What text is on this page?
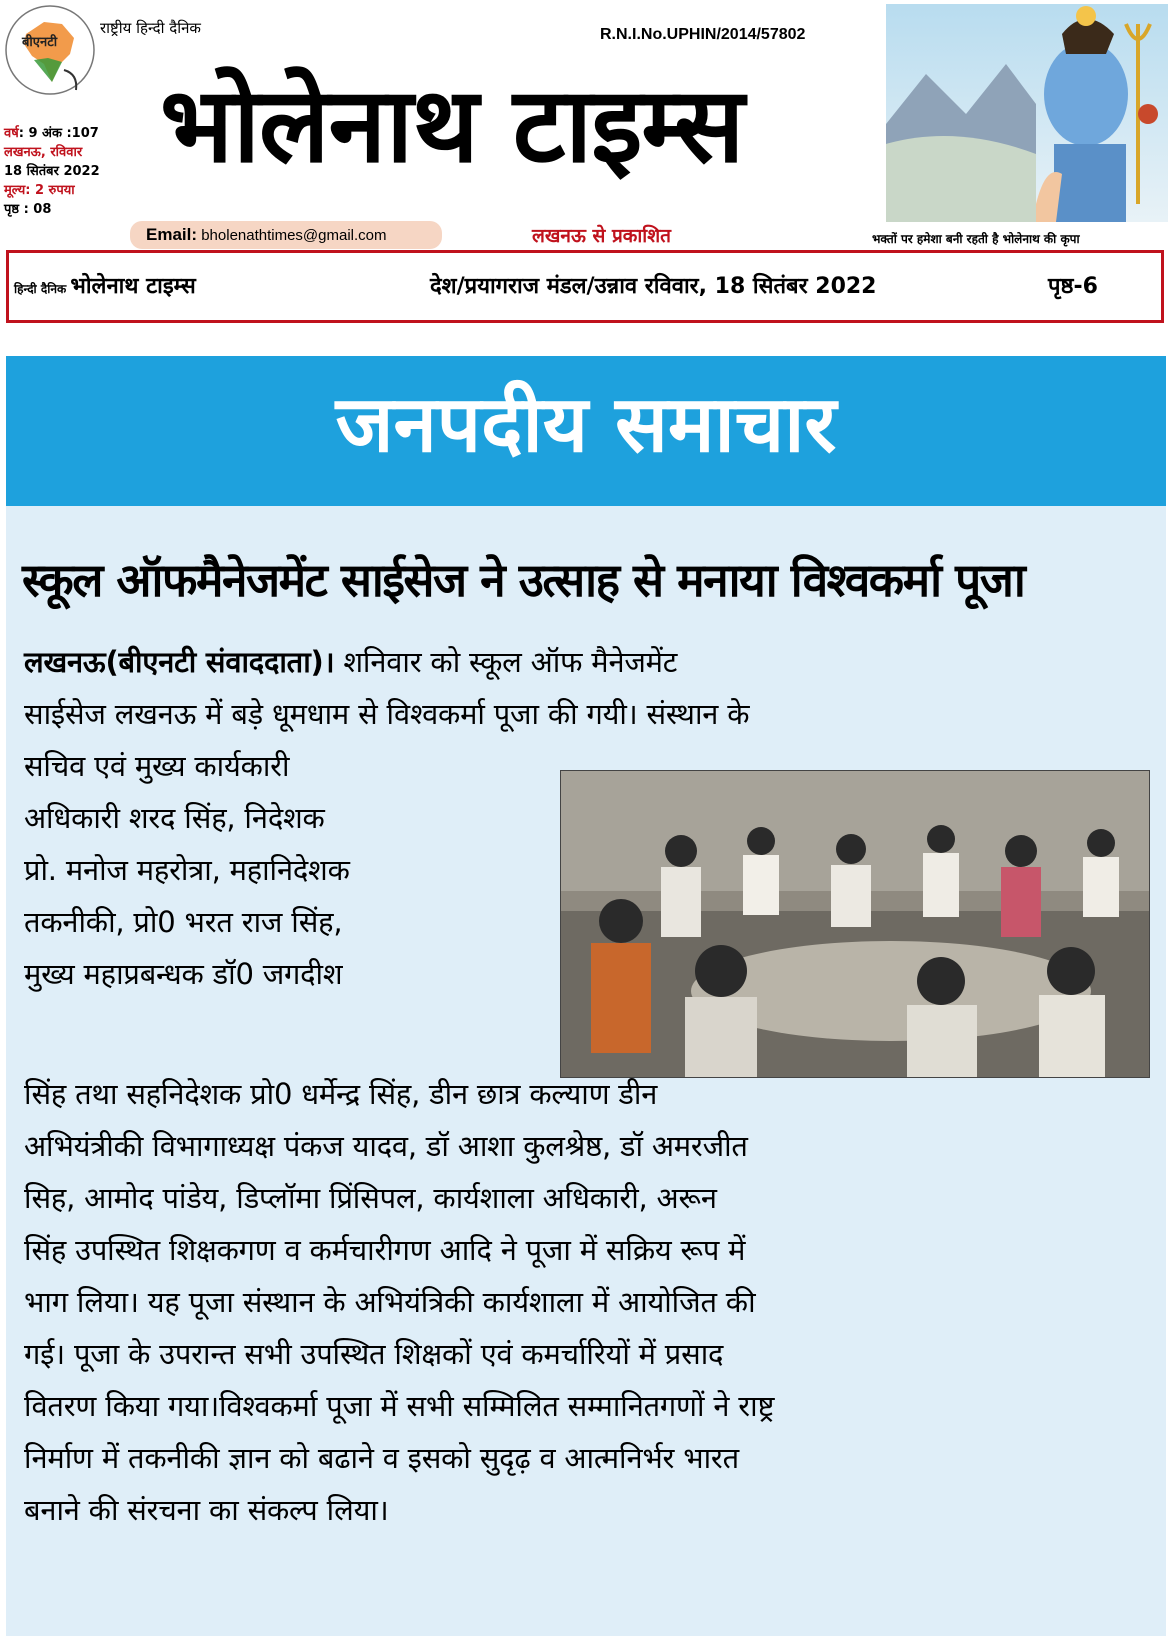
बीएनटी
राष्ट्रीय हिन्दी दैनिक
वर्ष: 9 अंक :107
लखनऊ, रविवार
18 सितंबर 2022
मूल्य: 2 रुपया
पृष्ठ : 08
R.N.I.No.UPHIN/2014/57802
भोलेनाथ टाइम्स
Email: bholenathtimes@gmail.com	लखनऊ से प्रकाशित	भक्तों पर हमेशा बनी रहती है भोलेनाथ की कृपा
हिन्दी दैनिक भोलेनाथ टाइम्स	देश/प्रयागराज मंडल/उन्नाव रविवार, 18 सितंबर 2022	पृष्ठ-6
जनपदीय समाचार
स्कूल ऑफमैनेजमेंट साईसेज ने उत्साह से मनाया विश्वकर्मा पूजा
लखनऊ(बीएनटी संवाददाता)। शनिवार को स्कूल ऑफ मैनेजमेंट
साईसेज लखनऊ में बड़े धूमधाम से विश्वकर्मा पूजा की गयी। संस्थान के
सचिव एवं मुख्य कार्यकारी
अधिकारी शरद सिंह, निदेशक
प्रो. मनोज महरोत्रा, महानिदेशक
तकनीकी, प्रो0 भरत राज सिंह,
मुख्य महाप्रबन्धक डॉ0 जगदीश
सिंह तथा सहनिदेशक प्रो0 धर्मेन्द्र सिंह, डीन छात्र कल्याण डीन
अभियंत्रीकी विभागाध्यक्ष पंकज यादव, डॉ आशा कुलश्रेष्ठ, डॉ अमरजीत
सिह, आमोद पांडेय, डिप्लॉमा प्रिंसिपल, कार्यशाला अधिकारी, अरून
सिंह उपस्थित शिक्षकगण व कर्मचारीगण आदि ने पूजा में सक्रिय रूप में
भाग लिया। यह पूजा संस्थान के अभियंत्रिकी कार्यशाला में आयोजित की
गई। पूजा के उपरान्त सभी उपस्थित शिक्षकों एवं कमर्चारियों में प्रसाद
वितरण किया गया।विश्वकर्मा पूजा में सभी सम्मिलित सम्मानितगणों ने राष्ट्र
निर्माण में तकनीकी ज्ञान को बढाने व इसको सुदृढ़ व आत्मनिर्भर भारत
बनाने की संरचना का संकल्प लिया।
